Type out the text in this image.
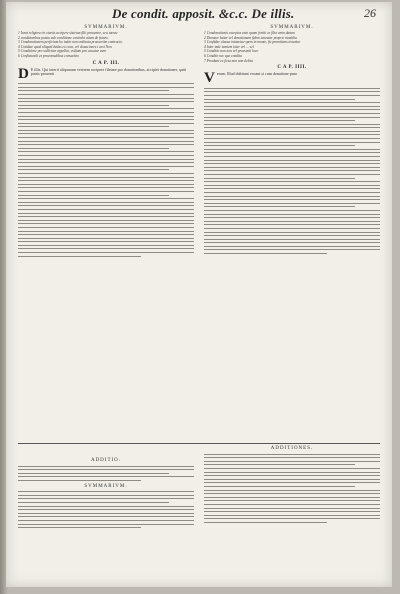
De condit. apposit. &c.c. De illis.	26
SVMMARIVM.
1 Iurat religioso in viuetis accipere sistetan filii prouenire, seu iureae
2 conditionibus posita sub conditione contrahi etiam de futuro.
3 Condonationem perficiam bo initio non ordinata praesertim contracto.
4 Cotidiae quod aliquid dedas ex cura, vel donaciones i arsi Non
5 Conditione pro sollicitar appellat, vsifium pro cauatur eum
6 Confisturali ex proconsulibus consucitio
C A P. III.
D E illis. Qui interit aliquarum veterem accipere filetare pro donationibus, accipiet donationer, quiti patris prouenit
SVMMARIVM.
1 Condonationis exceptos ante quam fortiti ex filia enim datum
2 Donator latior vel donationum fidem teneatur proprie modalia
3 Confidae clausa iniunctae spem in monte, fic promittens teneatur
4 Inter inde iamtem inter vel ... vel
5 Conditio non non vel praesenti loco
6 Condito nec que condita
7 Proabati ex ficta non non deleta
C A P. IIII.
V erum. Illud dubitant vocant si cum donatione pura
ADDITIO.
SVMMARIVM.
ADDITIONES.
